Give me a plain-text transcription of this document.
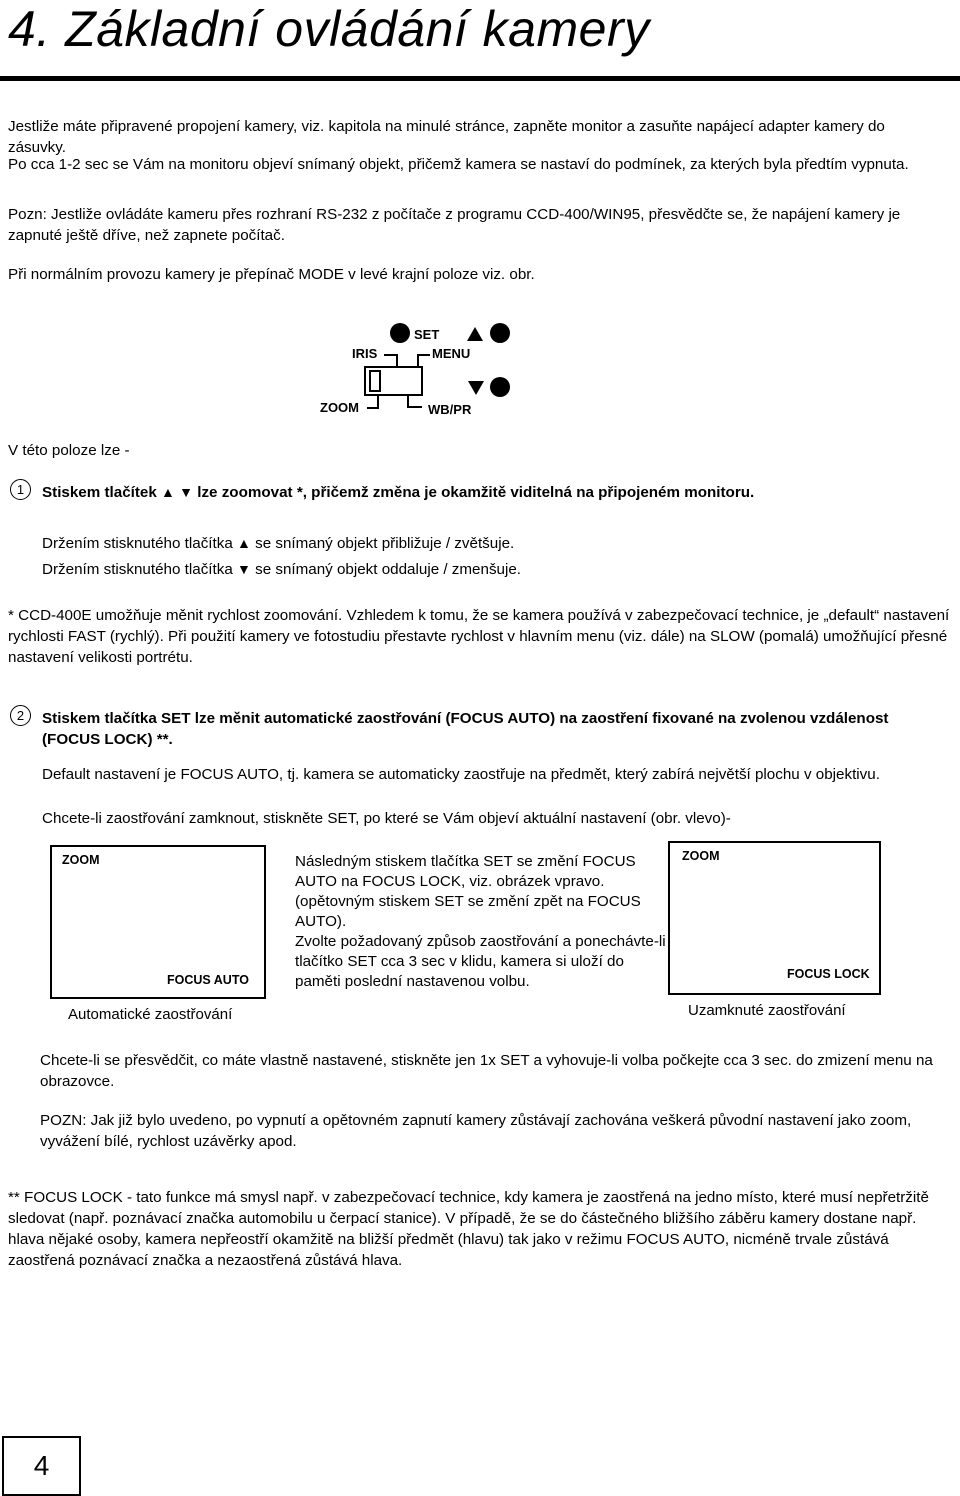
4. Základní ovládání kamery

Jestliže máte připravené propojení kamery, viz. kapitola na minulé stránce, zapněte monitor a zasuňte napájecí adapter kamery do zásuvky.

Po cca 1-2 sec se Vám na monitoru objeví snímaný objekt, přičemž kamera se nastaví do podmínek, za kterých byla předtím vypnuta.

Pozn: Jestliže ovládáte kameru přes rozhraní RS-232 z počítače z programu CCD-400/WIN95, přesvědčte se, že napájení kamery je zapnuté ještě dříve, než zapnete počítač.

Při normálním provozu kamery je přepínač MODE v levé krajní poloze viz. obr.

SET
IRIS	MENU
ZOOM	WB/PR

V této poloze lze -

1	Stiskem tlačítek ▲ ▼ lze zoomovat *, přičemž změna je okamžitě viditelná na připojeném monitoru.

Držením stisknutého tlačítka ▲ se snímaný objekt přibližuje / zvětšuje.

Držením stisknutého tlačítka ▼ se snímaný objekt oddaluje / zmenšuje.

* CCD-400E umožňuje měnit rychlost zoomování. Vzhledem k tomu, že se kamera používá v zabezpečovací technice, je „default“ nastavení rychlosti FAST (rychlý). Při použití kamery ve fotostudiu přestavte rychlost v hlavním menu (viz. dále) na SLOW (pomalá) umožňující přesné nastavení velikosti portrétu.

2	Stiskem tlačítka SET lze měnit automatické zaostřování (FOCUS AUTO) na zaostření fixované na zvolenou vzdálenost (FOCUS LOCK) **.

Default nastavení je FOCUS AUTO, tj. kamera se automaticky zaostřuje na předmět, který zabírá největší plochu v objektivu.

Chcete-li zaostřování zamknout, stiskněte SET, po které se Vám objeví aktuální nastavení (obr. vlevo)-

ZOOM
FOCUS AUTO
Automatické zaostřování

Následným stiskem tlačítka SET se změní FOCUS AUTO na FOCUS LOCK, viz. obrázek vpravo.
(opětovným stiskem SET se změní zpět na FOCUS AUTO).
Zvolte požadovaný způsob zaostřování a ponechávte-li tlačítko SET cca 3 sec v klidu, kamera si uloží do paměti poslední nastavenou volbu.

ZOOM
FOCUS LOCK
Uzamknuté zaostřování

Chcete-li se přesvědčit, co máte vlastně nastavené, stiskněte jen 1x SET a vyhovuje-li volba počkejte cca 3 sec. do zmizení menu na obrazovce.

POZN: Jak již bylo uvedeno, po vypnutí a opětovném zapnutí kamery zůstávají zachována veškerá původní nastavení jako zoom, vyvážení bílé, rychlost uzávěrky apod.

** FOCUS LOCK - tato funkce má smysl např. v zabezpečovací technice, kdy kamera je zaostřená na jedno místo, které musí nepřetržitě sledovat (např. poznávací značka automobilu u čerpací stanice). V případě, že se do částečného bližšího záběru kamery dostane např. hlava nějaké osoby, kamera nepřeostří okamžitě na bližší předmět (hlavu) tak jako v režimu FOCUS AUTO, nicméně trvale zůstává zaostřená poznávací značka a nezaostřená zůstává hlava.

4
